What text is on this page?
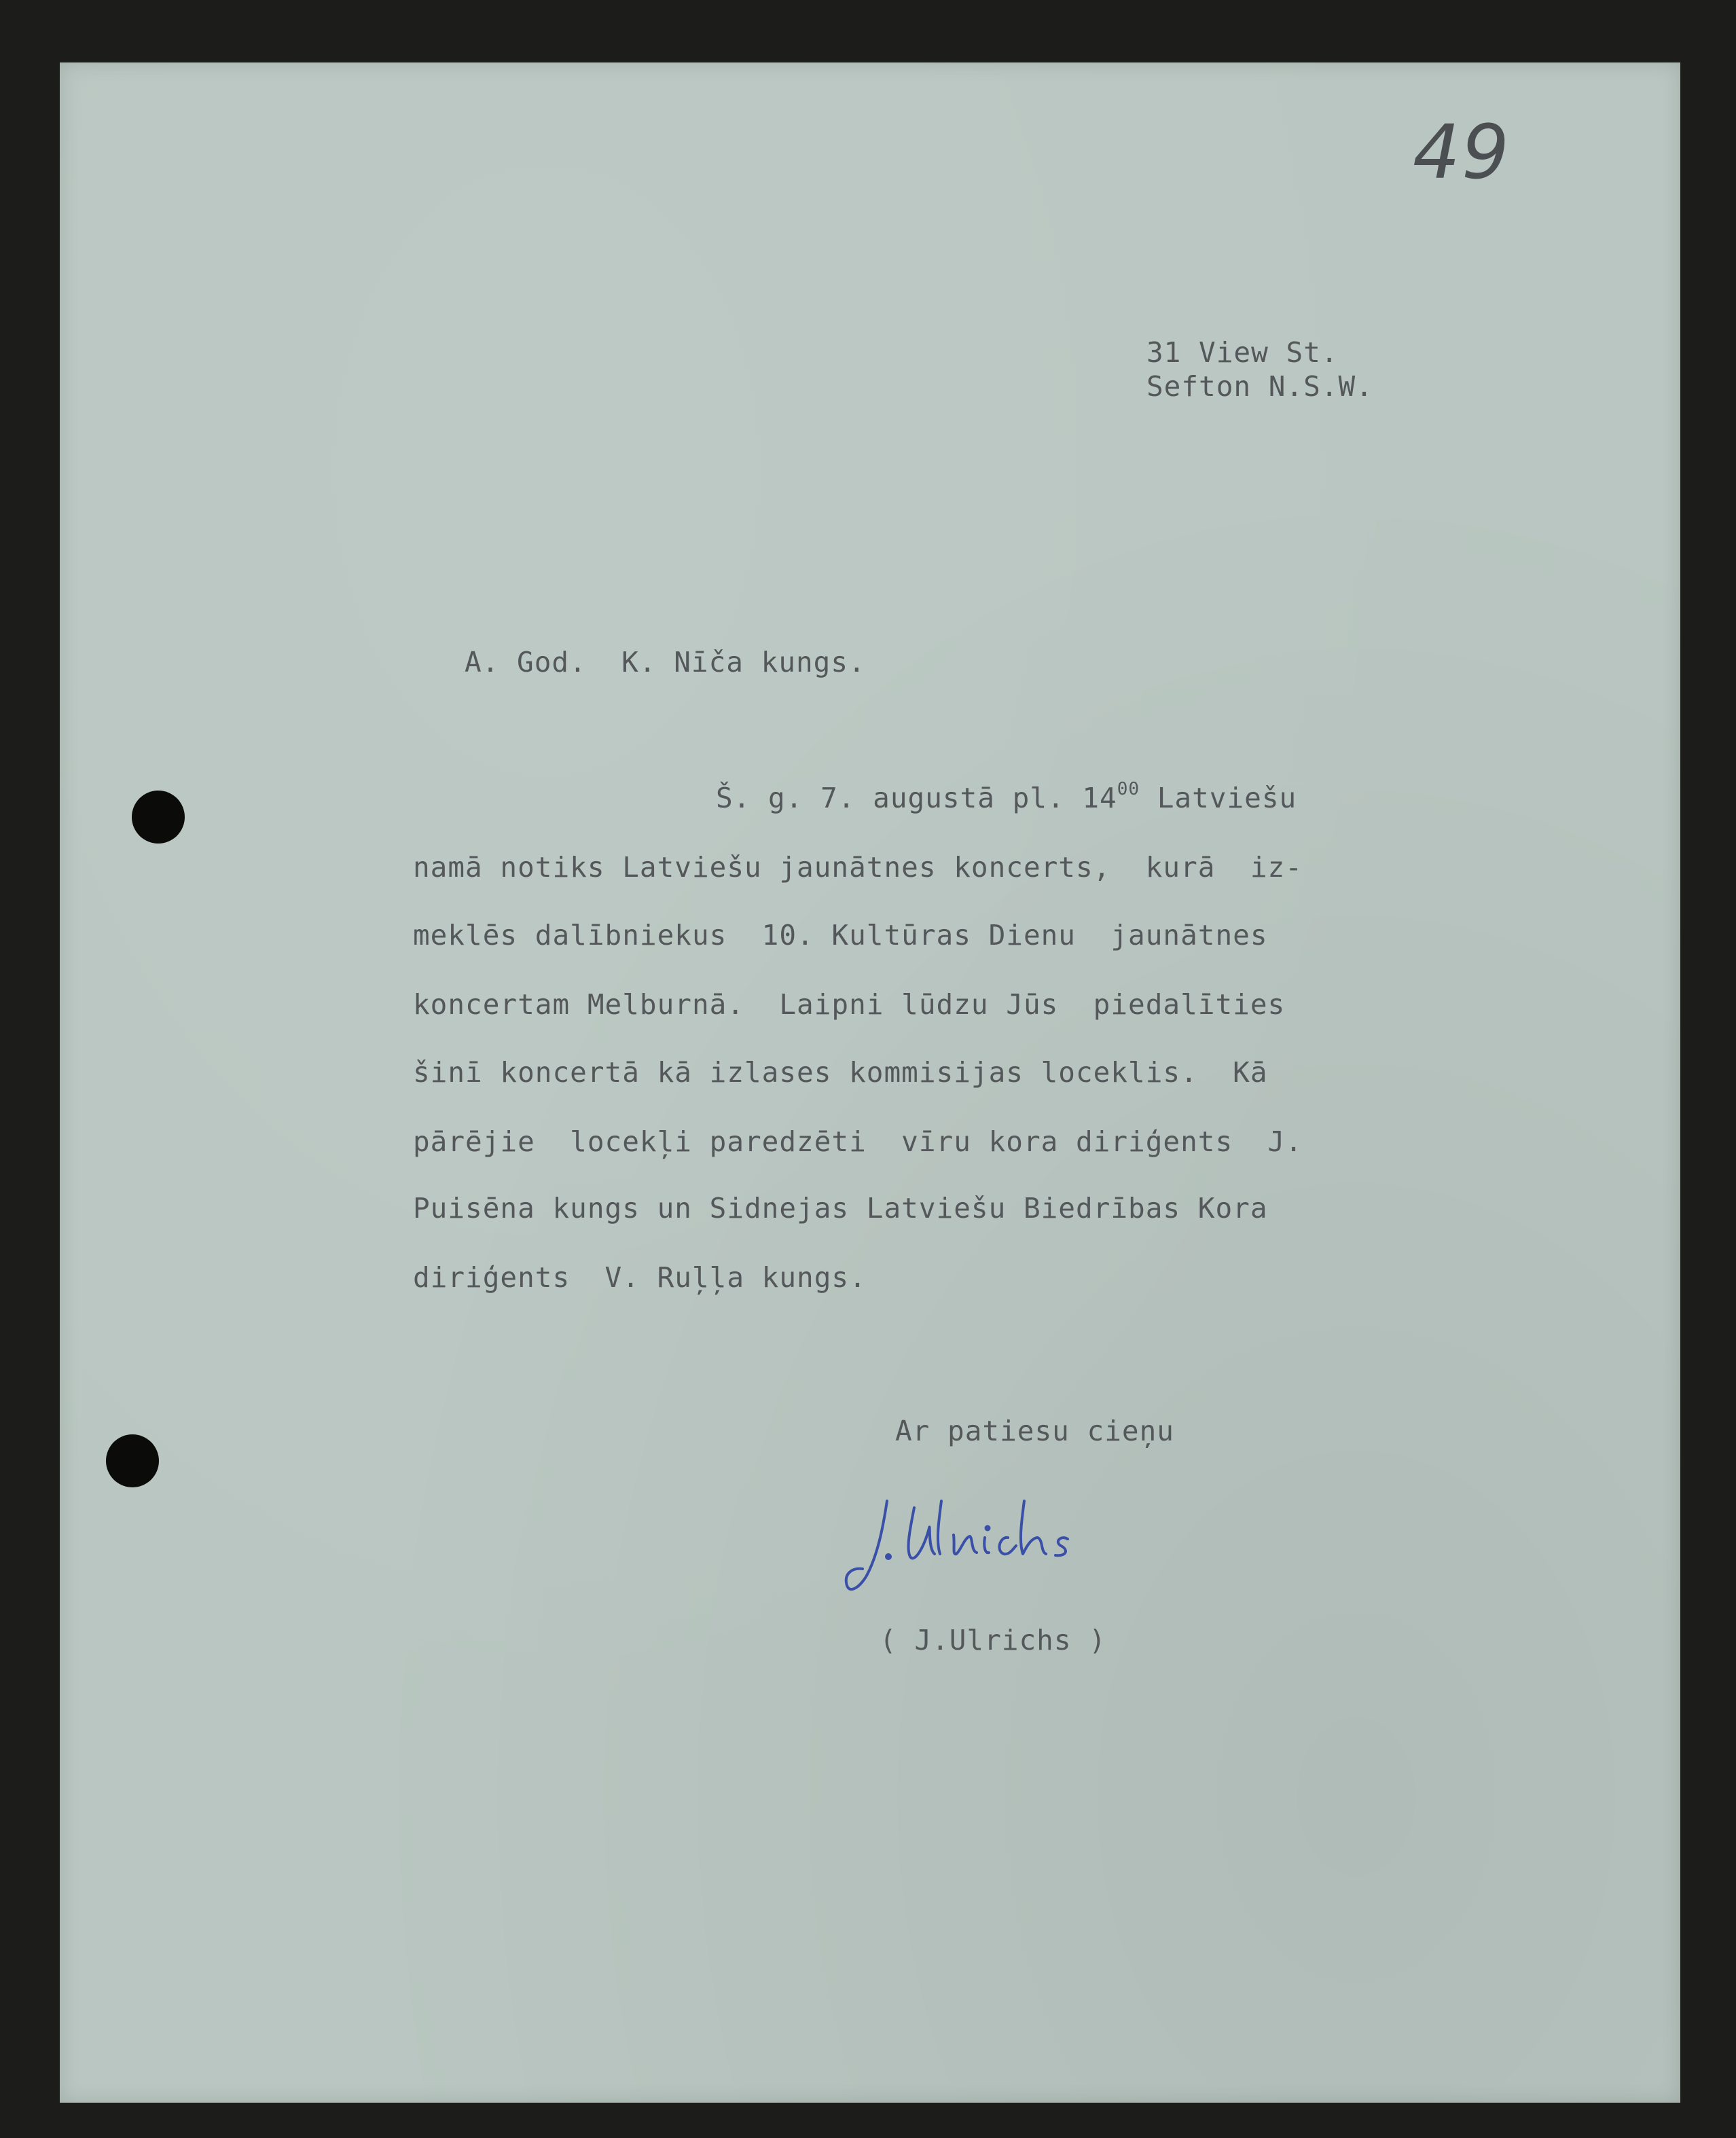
49
31 View St.
Sefton N.S.W.
A. God.  K. Nīča kungs.
Š. g. 7. augustā pl. $14^{00}$ Latviešu
namā notiks Latviešu jaunātnes koncerts,  kurā  iz-
meklēs dalībniekus  10. Kultūras Dienu  jaunātnes
koncertam Melburnā.  Laipni lūdzu Jūs  piedalīties
šinī koncertā kā izlases kommisijas loceklis.  Kā
pārējie  locekļi paredzēti  vīru kora diriģents  J.
Puisēna kungs un Sidnejas Latviešu Biedrības Kora
diriģents  V. Ruļļa kungs.
Ar patiesu cieņu
( J.Ulrichs )
